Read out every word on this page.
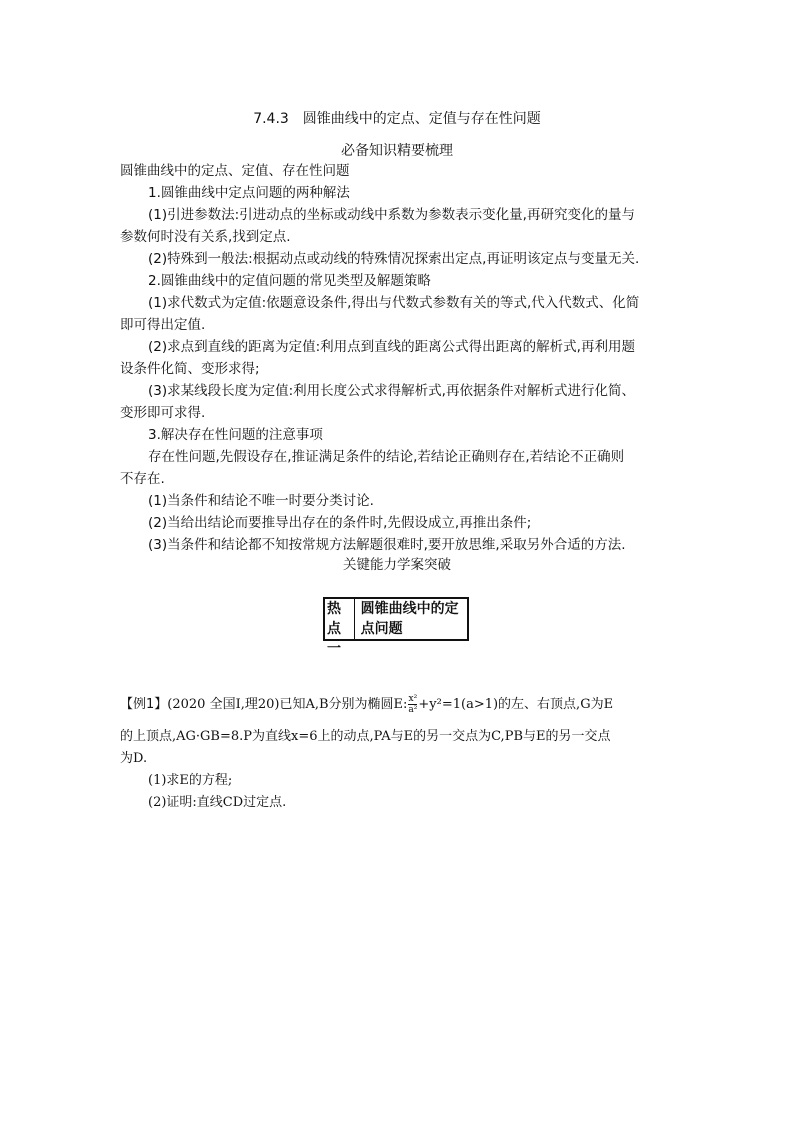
7.4.3　圆锥曲线中的定点、定值与存在性问题
必备知识精要梳理
圆锥曲线中的定点、定值、存在性问题
1.圆锥曲线中定点问题的两种解法
(1)引进参数法:引进动点的坐标或动线中系数为参数表示变化量,再研究变化的量与
参数何时没有关系,找到定点.
(2)特殊到一般法:根据动点或动线的特殊情况探索出定点,再证明该定点与变量无关.
2.圆锥曲线中的定值问题的常见类型及解题策略
(1)求代数式为定值:依题意设条件,得出与代数式参数有关的等式,代入代数式、化简
即可得出定值.
(2)求点到直线的距离为定值:利用点到直线的距离公式得出距离的解析式,再利用题
设条件化简、变形求得;
(3)求某线段长度为定值:利用长度公式求得解析式,再依据条件对解析式进行化简、
变形即可求得.
3.解决存在性问题的注意事项
存在性问题,先假设存在,推证满足条件的结论,若结论正确则存在,若结论不正确则
不存在.
(1)当条件和结论不唯一时要分类讨论.
(2)当给出结论而要推导出存在的条件时,先假设成立,再推出条件;
(3)当条件和结论都不知按常规方法解题很难时,要开放思维,采取另外合适的方法.
关键能力学案突破
热点一
圆锥曲线中的定点问题
【例1】(2020 全国Ⅰ,理20)已知A,B分别为椭圆E: $\frac{\text{x²}}{\text{a²}} +y^2=1(a>1)$的左、右顶点,G为E
的上顶点,AG·GB=8.P为直线x=6上的动点,PA与E的另一交点为C,PB与E的另一交点
为D.
(1)求E的方程;
(2)证明:直线CD过定点.
